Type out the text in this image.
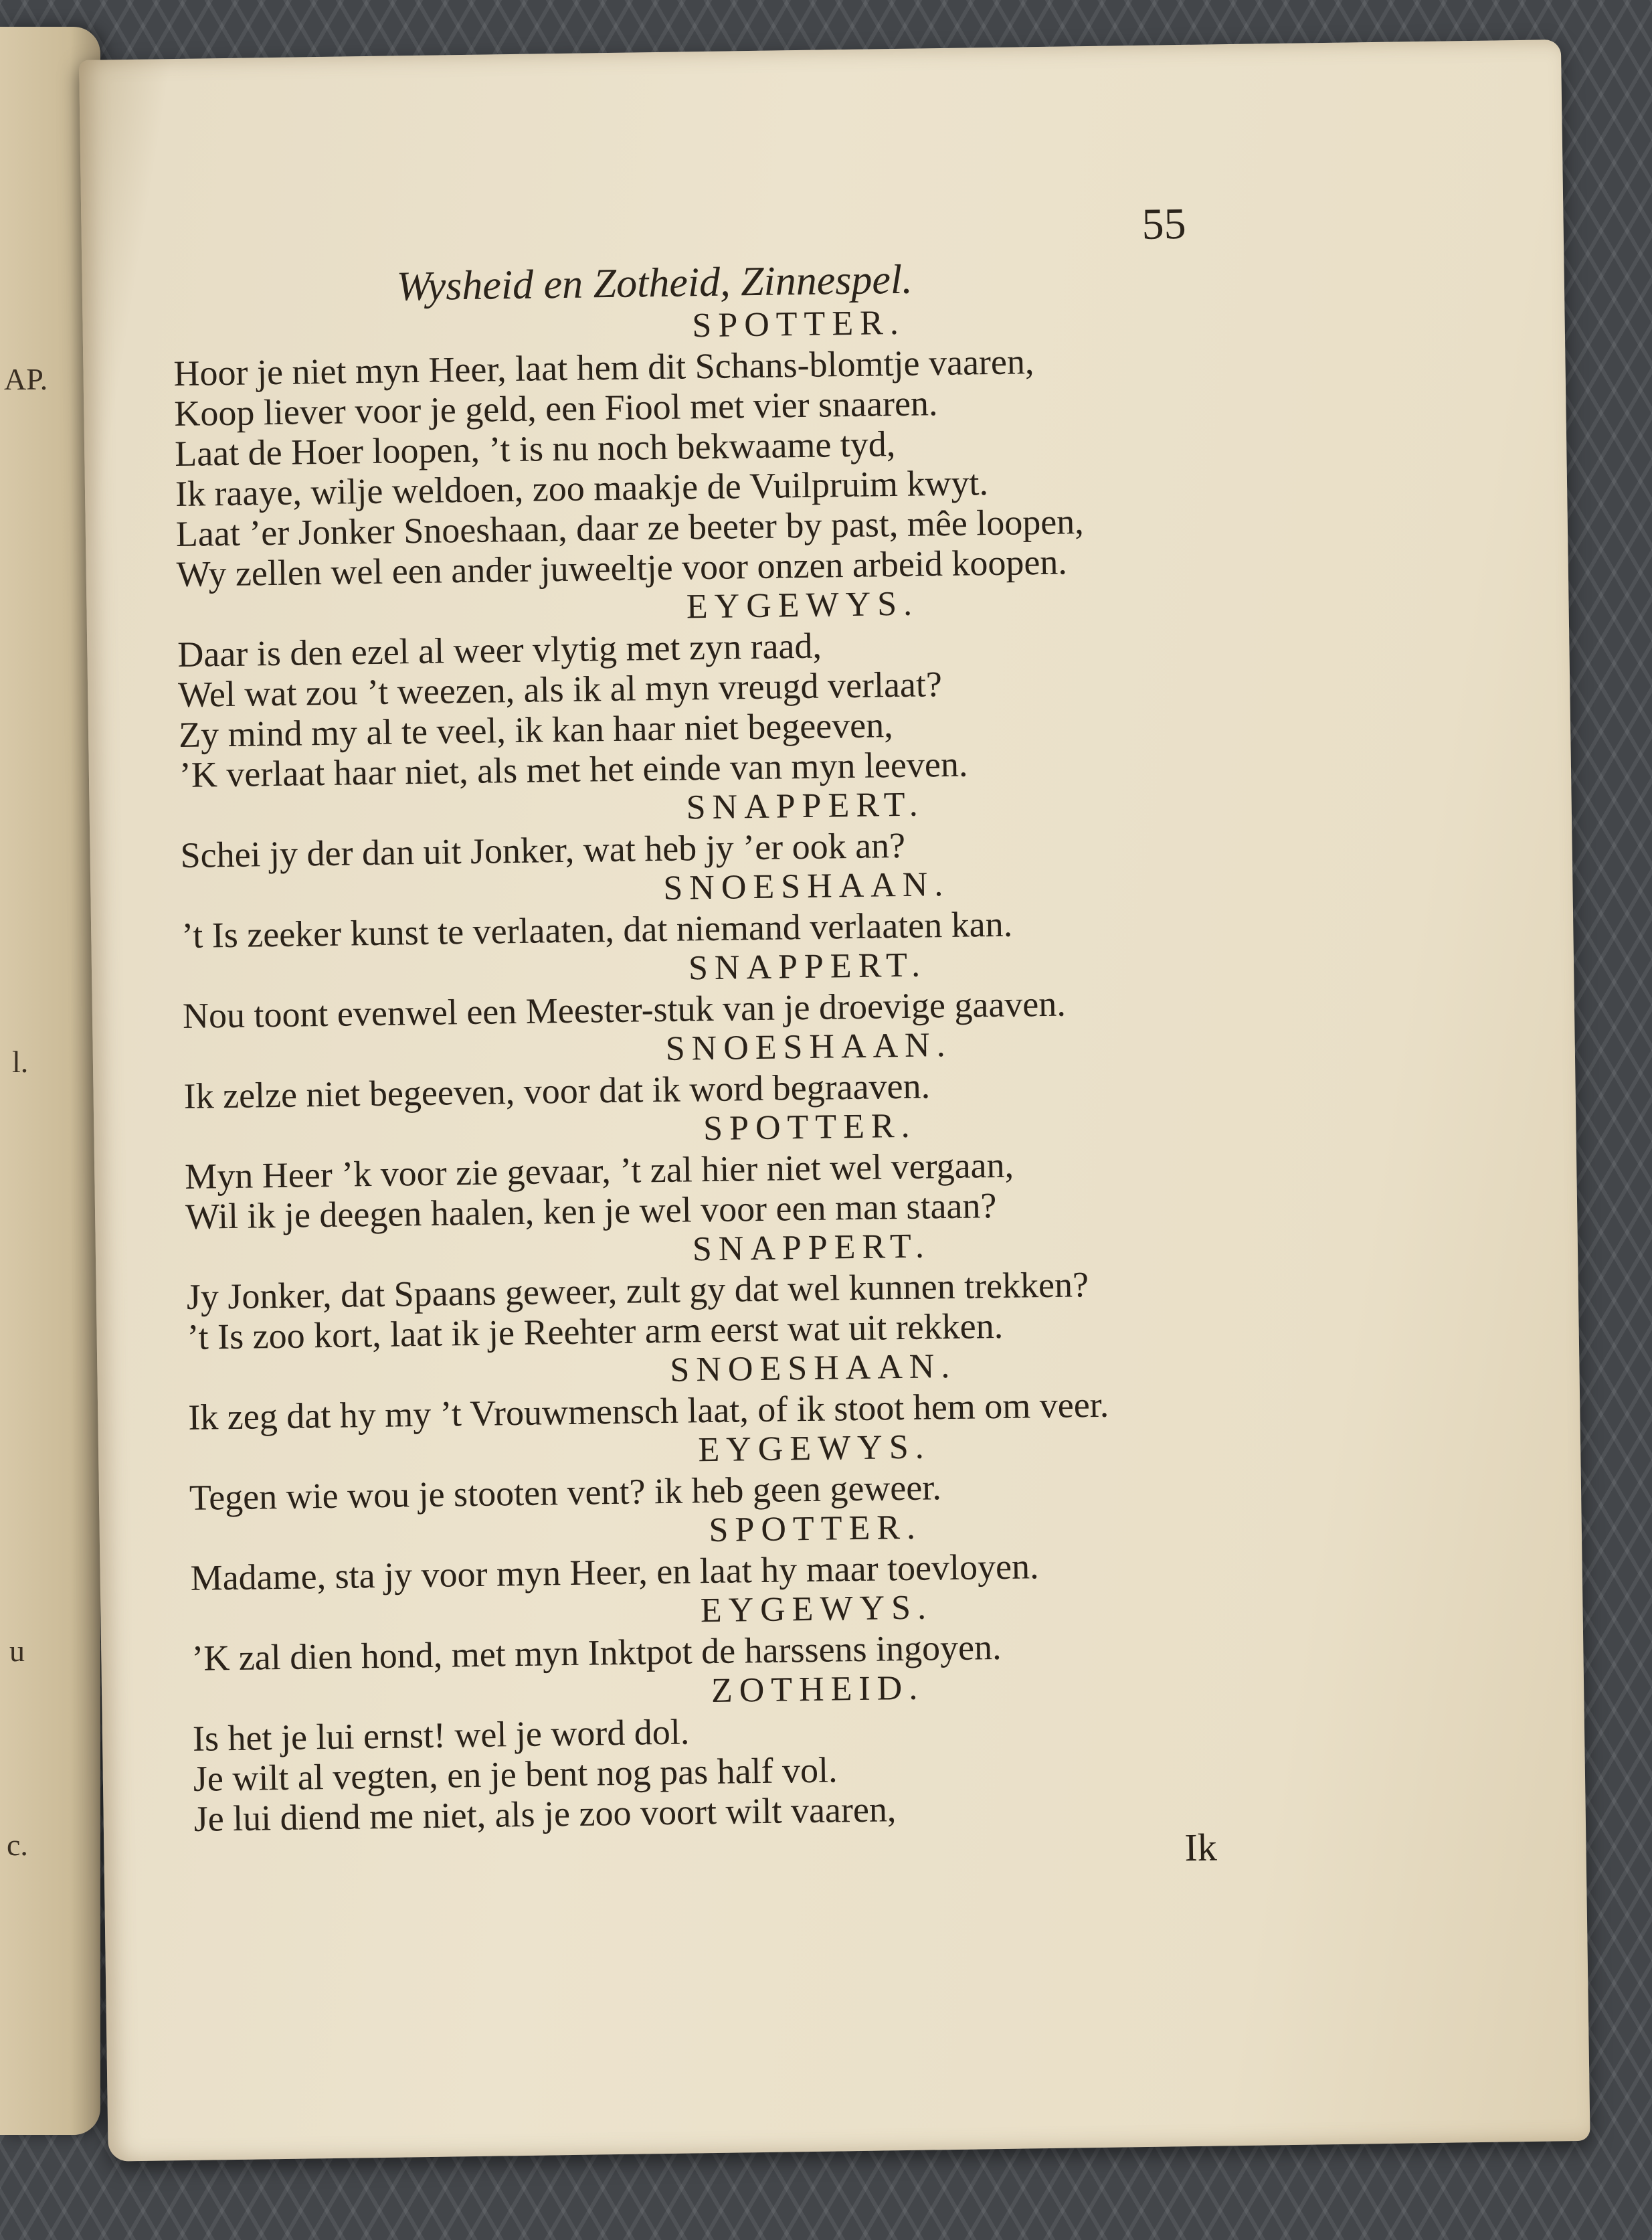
AP.
l.
u
c.
55
Wysheid en Zotheid, Zinnespel.
SPOTTER.
Hoor je niet myn Heer, laat hem dit Schans-blomtje vaaren,
Koop liever voor je geld, een Fiool met vier snaaren.
Laat de Hoer loopen, ’t is nu noch bekwaame tyd,
Ik raaye, wilje weldoen, zoo maakje de Vuilpruim kwyt.
Laat ’er Jonker Snoeshaan, daar ze beeter by past, mêe loopen,
Wy zellen wel een ander juweeltje voor onzen arbeid koopen.
EYGEWYS.
Daar is den ezel al weer vlytig met zyn raad,
Wel wat zou ’t weezen, als ik al myn vreugd verlaat?
Zy mind my al te veel, ik kan haar niet begeeven,
’K verlaat haar niet, als met het einde van myn leeven.
SNAPPERT.
Schei jy der dan uit Jonker, wat heb jy ’er ook an?
SNOESHAAN.
’t Is zeeker kunst te verlaaten, dat niemand verlaaten kan.
SNAPPERT.
Nou toont evenwel een Meester-stuk van je droevige gaaven.
SNOESHAAN.
Ik zelze niet begeeven, voor dat ik word begraaven.
SPOTTER.
Myn Heer ’k voor zie gevaar, ’t zal hier niet wel vergaan,
Wil ik je deegen haalen, ken je wel voor een man staan?
SNAPPERT.
Jy Jonker, dat Spaans geweer, zult gy dat wel kunnen trekken?
’t Is zoo kort, laat ik je Reehter arm eerst wat uit rekken.
SNOESHAAN.
Ik zeg dat hy my ’t Vrouwmensch laat, of ik stoot hem om veer.
EYGEWYS.
Tegen wie wou je stooten vent? ik heb geen geweer.
SPOTTER.
Madame, sta jy voor myn Heer, en laat hy maar toevloyen.
EYGEWYS.
’K zal dien hond, met myn Inktpot de harssens ingoyen.
ZOTHEID.
Is het je lui ernst! wel je word dol.
Je wilt al vegten, en je bent nog pas half vol.
Je lui diend me niet, als je zoo voort wilt vaaren,
Ik
